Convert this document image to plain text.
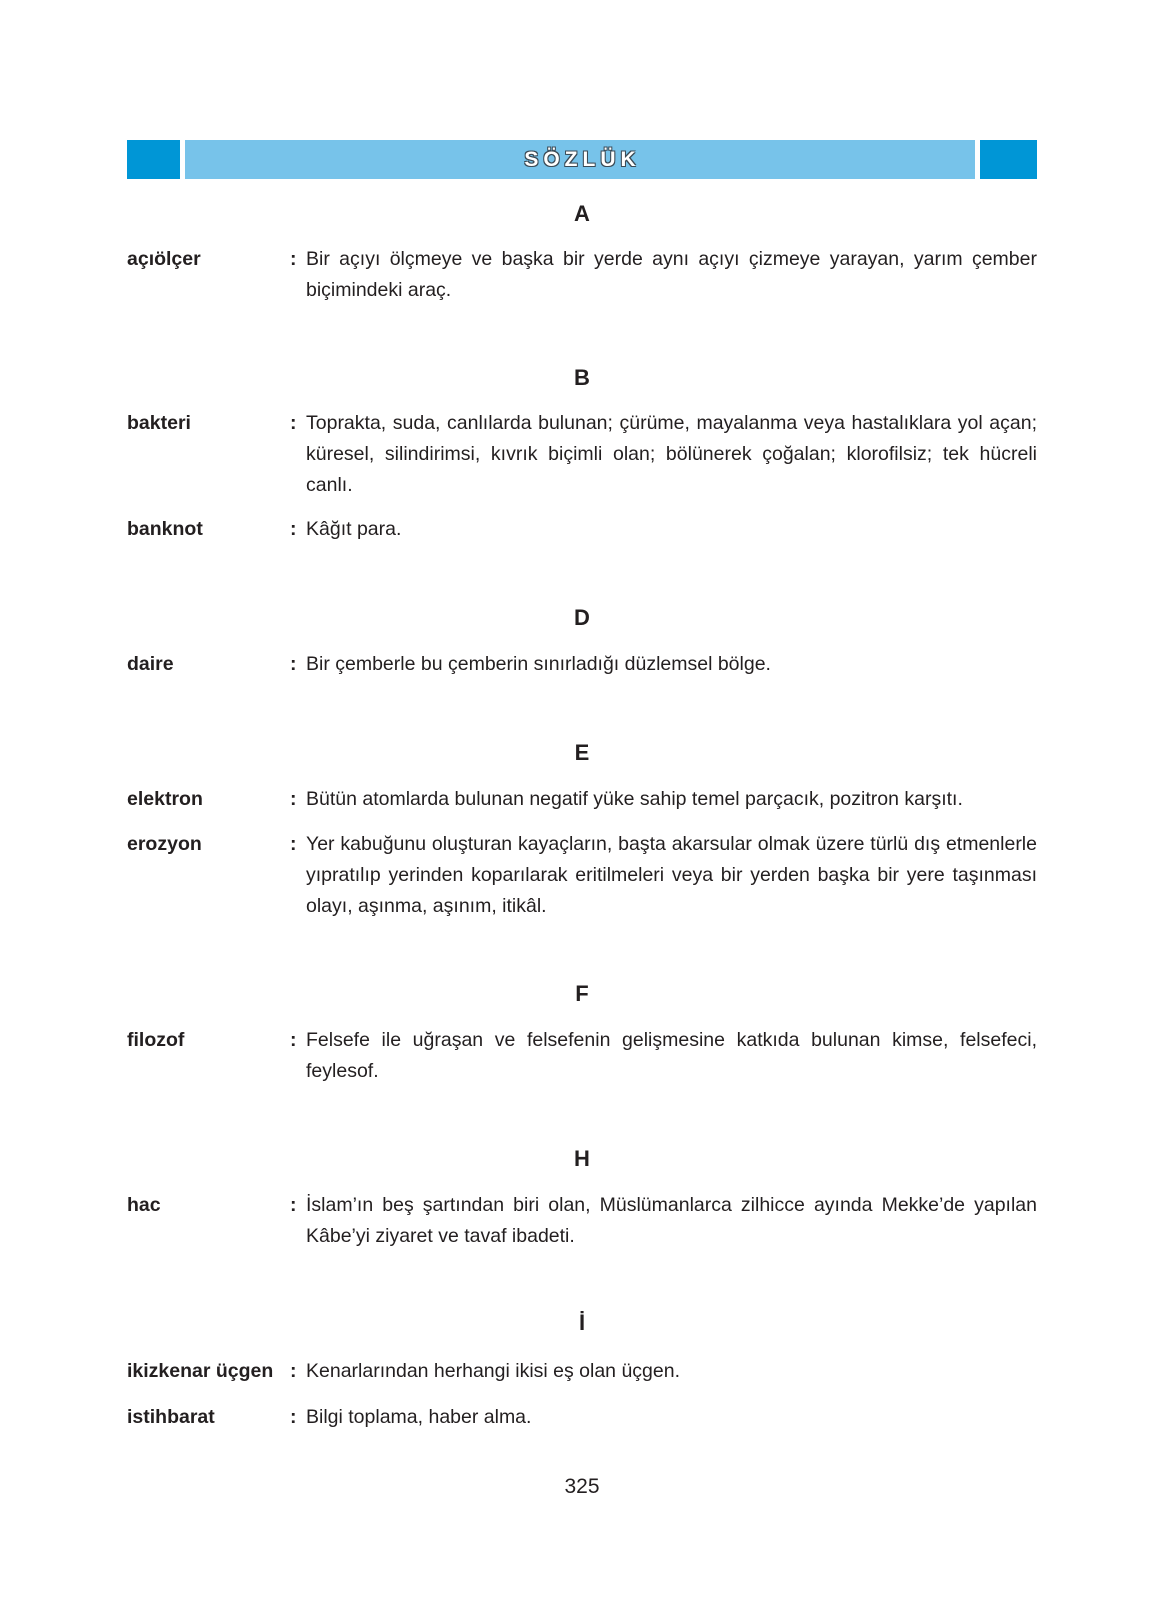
SÖZLÜK
A
açıölçer	: Bir açıyı ölçmeye ve başka bir yerde aynı açıyı çizmeye yarayan, yarım çember biçimindeki araç.
B
bakteri	: Toprakta, suda, canlılarda bulunan; çürüme, mayalanma veya hastalıklara yol açan; küresel, silindirimsi, kıvrık biçimli olan; bölünerek çoğalan; klorofilsiz; tek hücreli canlı.
banknot	: Kâğıt para.
D
daire	: Bir çemberle bu çemberin sınırladığı düzlemsel bölge.
E
elektron	: Bütün atomlarda bulunan negatif yüke sahip temel parçacık, pozitron karşıtı.
erozyon	: Yer kabuğunu oluşturan kayaçların, başta akarsular olmak üzere türlü dış etmenlerle yıpratılıp yerinden koparılarak eritilmeleri veya bir yerden başka bir yere taşınması olayı, aşınma, aşınım, itikâl.
F
filozof	: Felsefe ile uğraşan ve felsefenin gelişmesine katkıda bulunan kimse, felsefeci, feylesof.
H
hac	: İslam’ın beş şartından biri olan, Müslümanlarca zilhicce ayında Mekke’de yapılan Kâbe’yi ziyaret ve tavaf ibadeti.
İ
ikizkenar üçgen : Kenarlarından herhangi ikisi eş olan üçgen.
istihbarat	: Bilgi toplama, haber alma.
325
